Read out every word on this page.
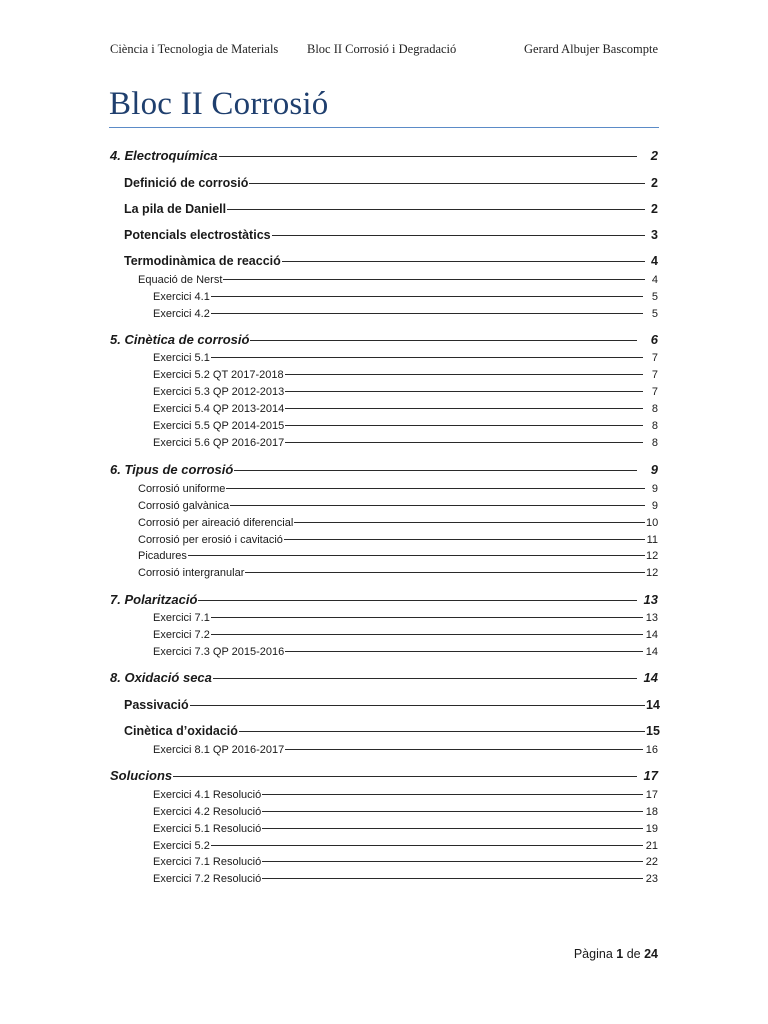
Ciència i Tecnologia de Materials Bloc II Corrosió i Degradació	Gerard Albujer Bascompte
Bloc II Corrosió
4. Electroquímica	2
Definició de corrosió	2
La pila de Daniell	2
Potencials electrostàtics	3
Termodinàmica de reacció	4
Equació de Nerst	4
Exercici 4.1	5
Exercici 4.2	5
5. Cinètica de corrosió	6
Exercici 5.1	7
Exercici 5.2 QT 2017-2018	7
Exercici 5.3 QP 2012-2013	7
Exercici 5.4 QP 2013-2014	8
Exercici 5.5 QP 2014-2015	8
Exercici 5.6 QP 2016-2017	8
6. Tipus de corrosió	9
Corrosió uniforme	9
Corrosió galvànica	9
Corrosió per aireació diferencial	10
Corrosió per erosió i cavitació	11
Picadures	12
Corrosió intergranular	12
7. Polarització	13
Exercici 7.1	13
Exercici 7.2	14
Exercici 7.3 QP 2015-2016	14
8. Oxidació seca	14
Passivació	14
Cinètica d’oxidació	15
Exercici 8.1 QP 2016-2017	16
Solucions	17
Exercici 4.1 Resolució	17
Exercici 4.2 Resolució	18
Exercici 5.1 Resolució	19
Exercici 5.2	21
Exercici 7.1 Resolució	22
Exercici 7.2 Resolució	23
Pàgina 1 de 24
